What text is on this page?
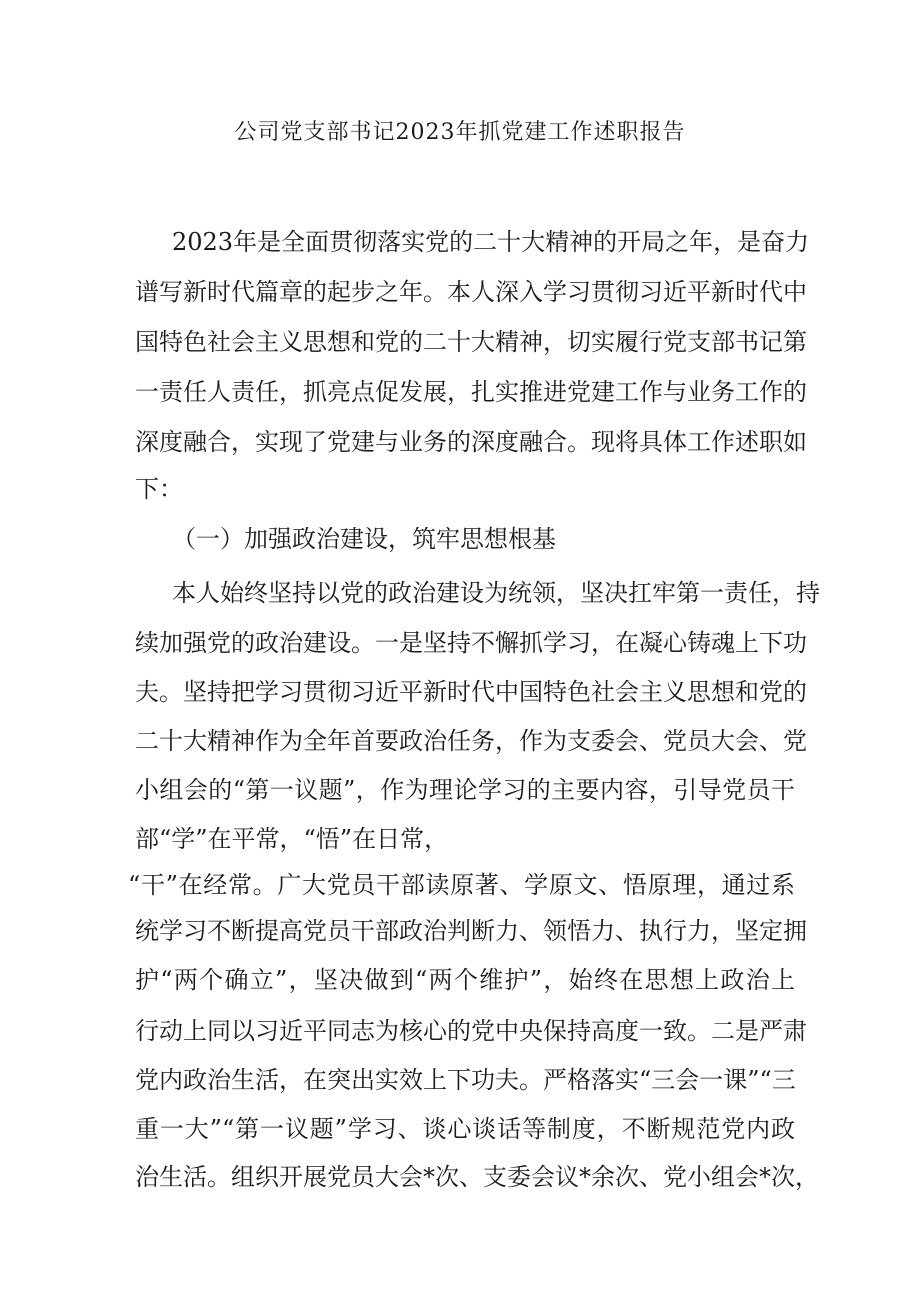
公司党支部书记2023年抓党建工作述职报告
2023年是全面贯彻落实党的二十大精神的开局之年，是奋力
谱写新时代篇章的起步之年。本人深入学习贯彻习近平新时代中
国特色社会主义思想和党的二十大精神，切实履行党支部书记第
一责任人责任，抓亮点促发展，扎实推进党建工作与业务工作的
深度融合，实现了党建与业务的深度融合。现将具体工作述职如
下：
（一）加强政治建设，筑牢思想根基
本人始终坚持以党的政治建设为统领，坚决扛牢第一责任，持
续加强党的政治建设。一是坚持不懈抓学习，在凝心铸魂上下功
夫。坚持把学习贯彻习近平新时代中国特色社会主义思想和党的
二十大精神作为全年首要政治任务，作为支委会、党员大会、党
小组会的“第一议题”，作为理论学习的主要内容，引导党员干
部“学”在平常，“悟”在日常，
“干”在经常。广大党员干部读原著、学原文、悟原理，通过系
统学习不断提高党员干部政治判断力、领悟力、执行力，坚定拥
护“两个确立”，坚决做到“两个维护”，始终在思想上政治上
行动上同以习近平同志为核心的党中央保持高度一致。二是严肃
党内政治生活，在突出实效上下功夫。严格落实“三会一课”“三
重一大”“第一议题”学习、谈心谈话等制度，不断规范党内政
治生活。组织开展党员大会*次、支委会议*余次、党小组会*次，
